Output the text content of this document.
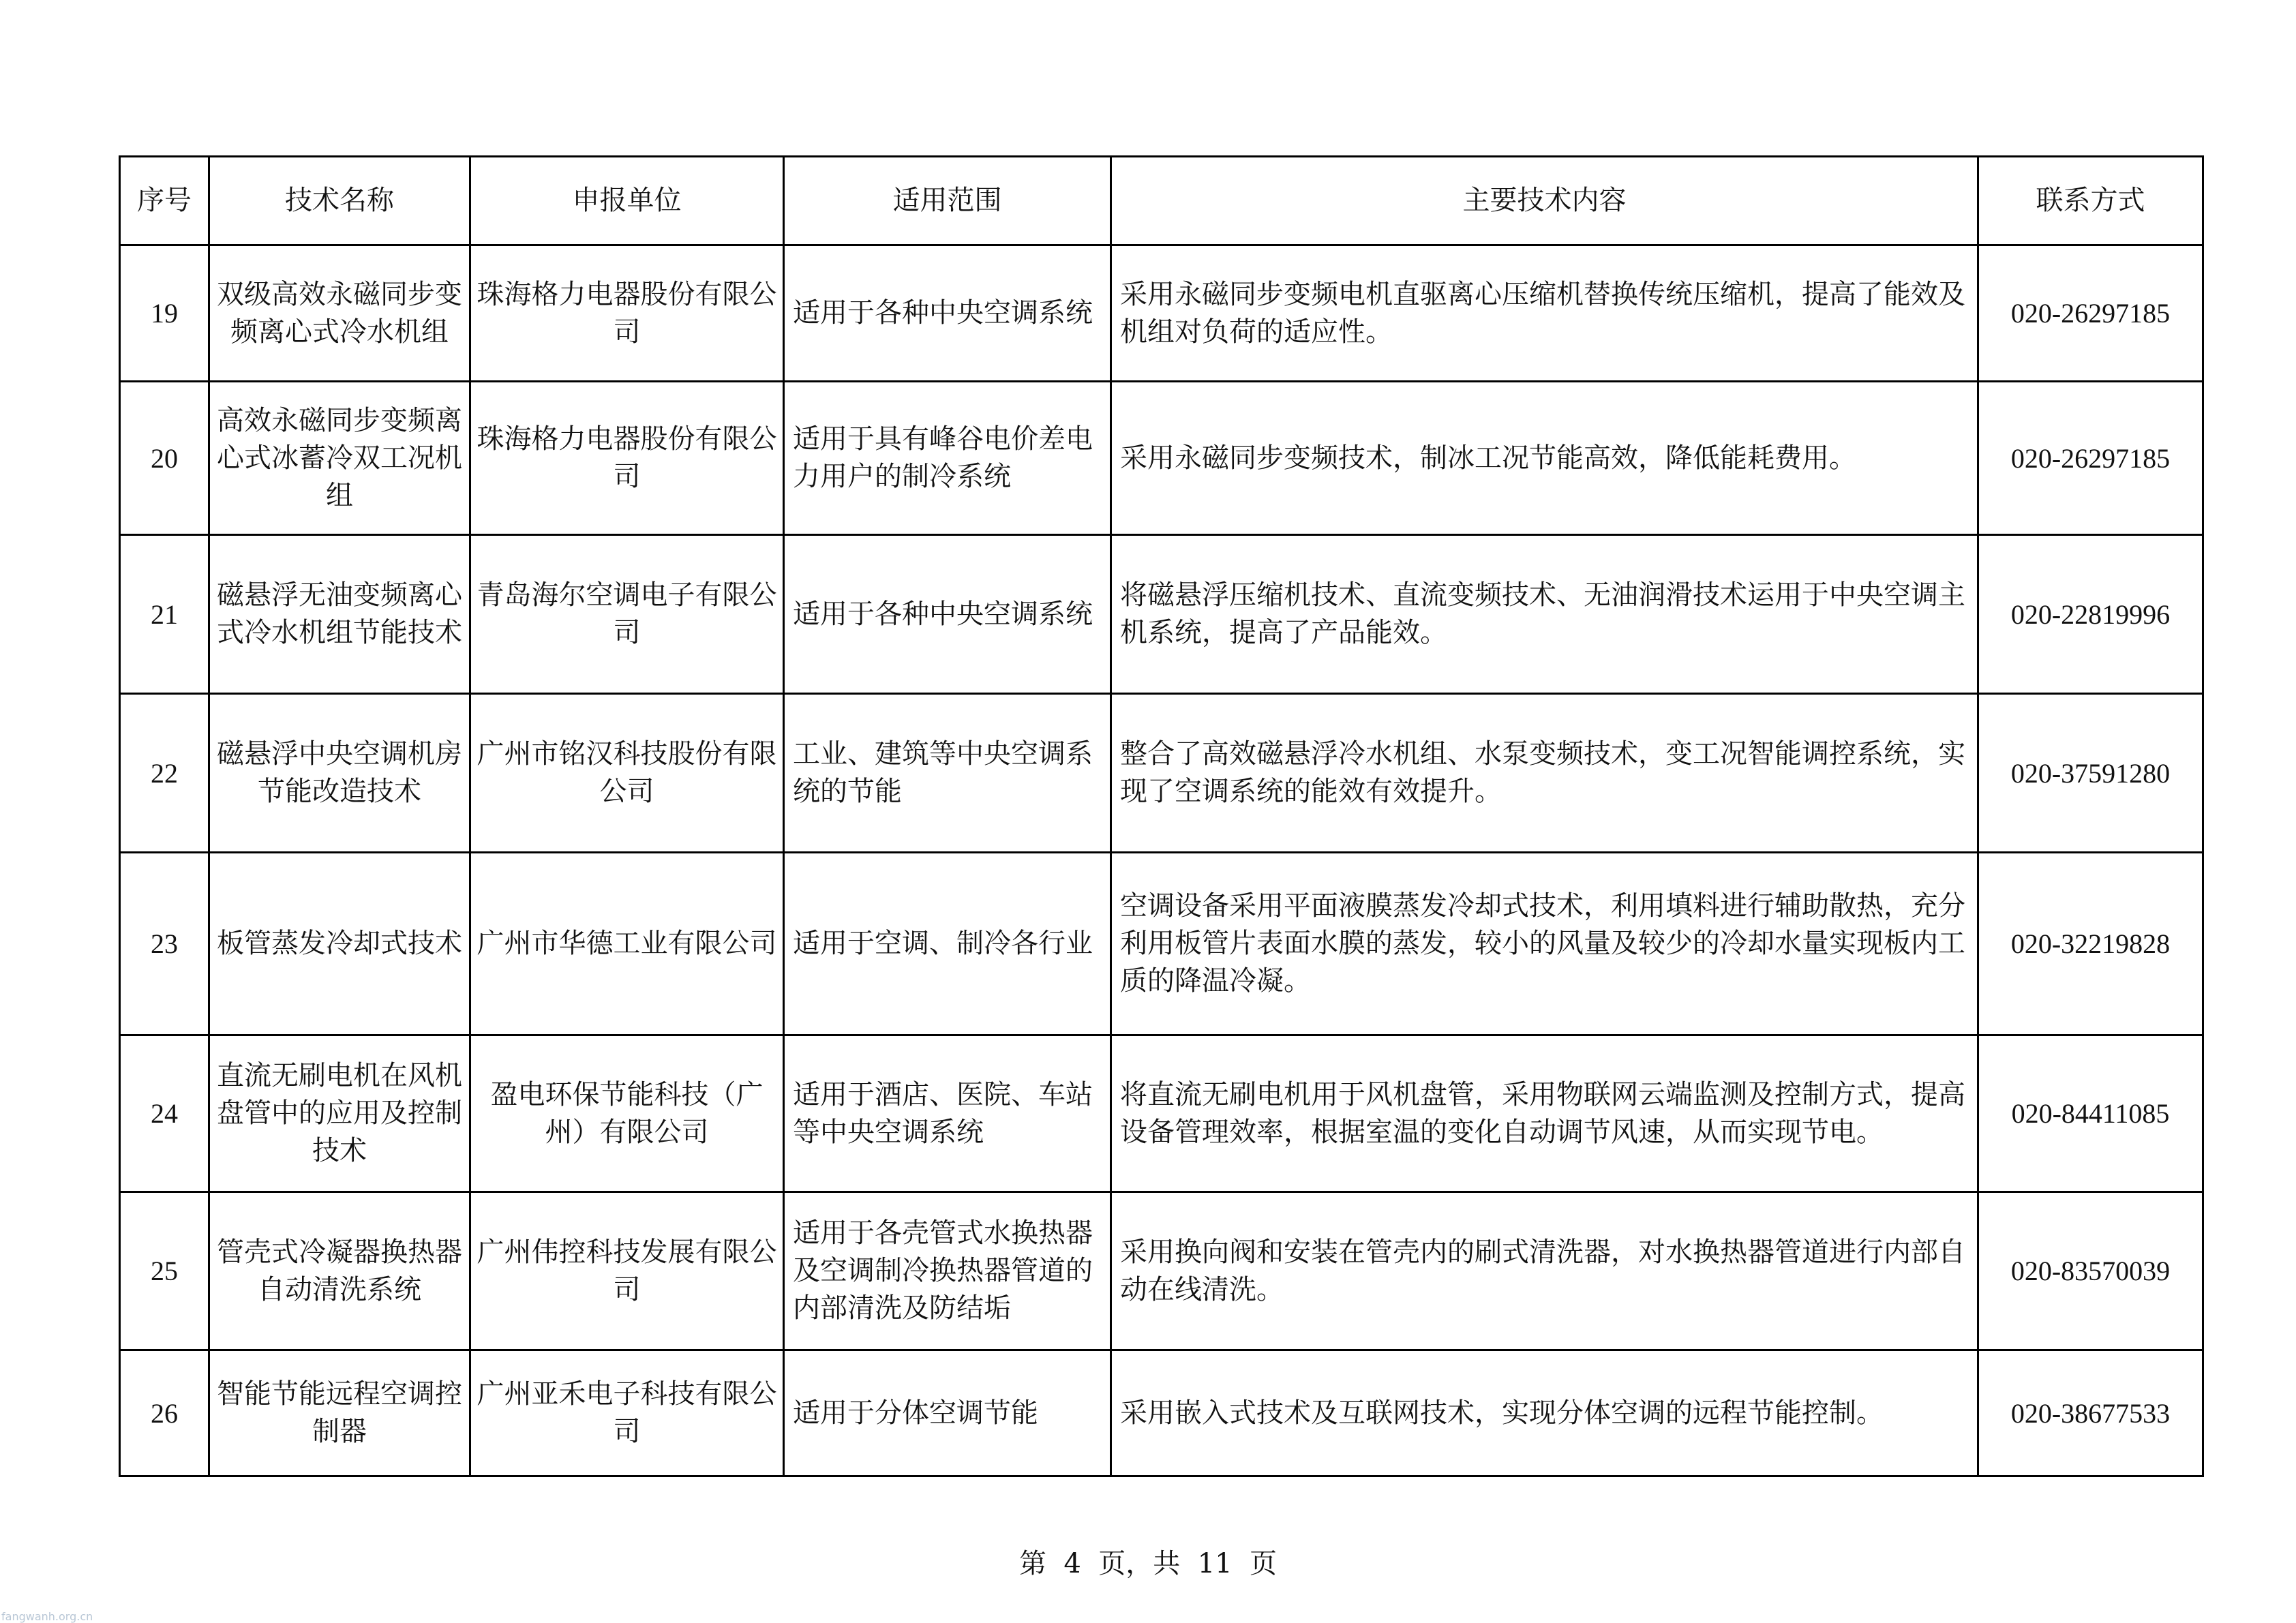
序号	技术名称	申报单位	适用范围	主要技术内容	联系方式
19	双级高效永磁同步变频离心式冷水机组	珠海格力电器股份有限公司	适用于各种中央空调系统	采用永磁同步变频电机直驱离心压缩机替换传统压缩机，提高了能效及机组对负荷的适应性。	020-26297185
20	高效永磁同步变频离心式冰蓄冷双工况机组	珠海格力电器股份有限公司	适用于具有峰谷电价差电力用户的制冷系统	采用永磁同步变频技术，制冰工况节能高效，降低能耗费用。	020-26297185
21	磁悬浮无油变频离心式冷水机组节能技术	青岛海尔空调电子有限公司	适用于各种中央空调系统	将磁悬浮压缩机技术、直流变频技术、无油润滑技术运用于中央空调主机系统，提高了产品能效。	020-22819996
22	磁悬浮中央空调机房节能改造技术	广州市铭汉科技股份有限公司	工业、建筑等中央空调系统的节能	整合了高效磁悬浮冷水机组、水泵变频技术，变工况智能调控系统，实现了空调系统的能效有效提升。	020-37591280
23	板管蒸发冷却式技术	广州市华德工业有限公司	适用于空调、制冷各行业	空调设备采用平面液膜蒸发冷却式技术，利用填料进行辅助散热，充分利用板管片表面水膜的蒸发，较小的风量及较少的冷却水量实现板内工质的降温冷凝。	020-32219828
24	直流无刷电机在风机盘管中的应用及控制技术	盈电环保节能科技（广州）有限公司	适用于酒店、医院、车站等中央空调系统	将直流无刷电机用于风机盘管，采用物联网云端监测及控制方式，提高设备管理效率，根据室温的变化自动调节风速，从而实现节电。	020-84411085
25	管壳式冷凝器换热器自动清洗系统	广州伟控科技发展有限公司	适用于各壳管式水换热器及空调制冷换热器管道的内部清洗及防结垢	采用换向阀和安装在管壳内的刷式清洗器，对水换热器管道进行内部自动在线清洗。	020-83570039
26	智能节能远程空调控制器	广州亚禾电子科技有限公司	适用于分体空调节能	采用嵌入式技术及互联网技术，实现分体空调的远程节能控制。	020-38677533
第  4  页，共  11  页
fangwanh.org.cn
